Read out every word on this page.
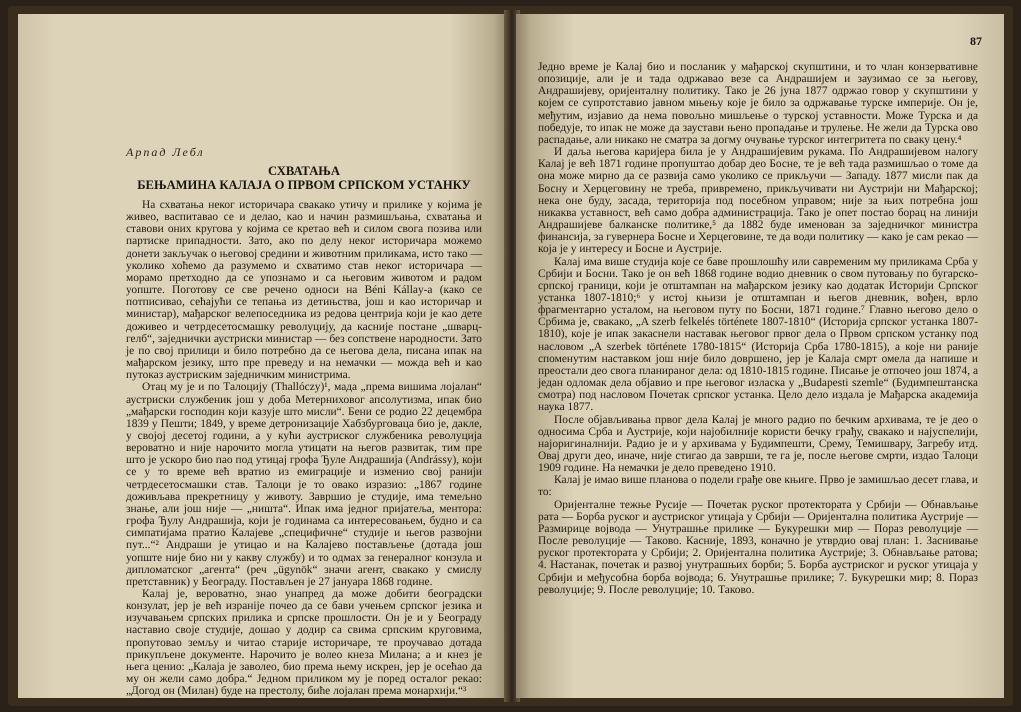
Арпад Лебл
СХВАТАЊА
БЕЊАМИНА КАЛАЈА О ПРВОМ СРПСКОМ УСТАНКУ

На схватања неког историчара свакако утичу и прилике у којима је живео, васпитавао се и делао, као и начин размишљања, схватања и ставови оних кругова у којима се кретао већ и силом свога позива или партиске припадности. Зато, ако по делу неког историчара можемо донети закључак о његовој средини и животним приликама, исто тако — уколико хоћемо да разумемо и схватимо став неког историчара — морамо претходно да се упознамо и са његовим животом и радом уопште. Поготову се све речено односи на Béni Kállay-a (како се потписивао, сећајући се тепања из детињства, још и као историчар и министар), мађарског велепоседника из редова центрија који је као дете доживео и четрдесетосмашку револуцију, да касније постане „шварц-гелб“, заједнички аустриски министар — без сопствене народности. Зато је по свој прилици и било потребно да се његова дела, писана ипак на мађарском језику, што пре преведу и на немачки — можда већ и као путоказ аустриским заједничким министрима.

Отац му је и по Талоцију (Thallóczy)¹, мада „према вишима лојалан“ аустриски службеник још у доба Метерниховог апсолутизма, ипак био „мађарски господин који казује што мисли“. Бени се родио 22 децембра 1839 у Пешти; 1849, у време детронизације Хабзбурговаца био је, дакле, у својој десетој години, а у кући аустриског службеника револуција вероватно и није нарочито могла утицати на његов развитак, тим пре што је ускоро био пао под утицај грофа Ђуле Андрашија (Andrássy), који се у то време већ вратио из емиграције и изменио свој ранији четрдесетосмашки став. Талоци је то овако изразио: „1867 године доживљава прекретницу у животу. Завршио је студије, има темељно знање, али још није — „ништа“. Ипак има једног пријатеља, ментора: грофа Ђулу Андрашија, који је годинама са интересовањем, будно и са симпатијама пратио Калајеве „специфичне“ студије и његов развојни пут...“² Андраши је утицао и на Калајево постављење (дотада још уопште није био ни у какву службу) и то одмах за генералног конзула и дипломатског „агента“ (реч „ügynök“ значи агент, свакако у смислу претставник) у Београду. Постављен је 27 јануара 1868 године.

Калај је, вероватно, знао унапред да може добити београдски конзулат, јер је већ изранije почео да се бави учењем српског језика и изучавањем српских прилика и српске прошлости. Он је и у Београду наставио своје студије, дошао у додир са свима српским круговима, пропутовао земљу и читао старије историчаре, те проучавао дотада прикупљене документе. Нарочито је волео кнеза Милана; а и кнез је њега ценио: „Калаја је заволео, био према њему искрен, јер је осећао да му он жели само добра.“ Једном приликом му је поред осталог рекао: „Догод он (Милан) буде на престолу, биће лојалан према монархији.“³

87

Једно време је Калај био и посланик у мађарској скупштини, и то члан конзервативне опозиције, али је и тада одржавао везе са Андрашијем и заузимао се за његову, Андрашијеву, оријенталну политику. Тако је 26 јуна 1877 одржао говор у скупштини у којем се супротставио јавном мњењу које је било за одржавање турске империје. Он је, међутим, изјавио да нема повољно мишљење о турској уставности. Може Турска и да победује, то ипак не може да заустави њено пропадање и трулење. Не жели да Турска ово распадање, али никако не сматра за догму очување турског интегритета по сваку цену.⁴

И даља његова каријера била је у Андрашијевим рукама. По Андрашијевом налогу Калај је већ 1871 године пропуштао добар део Босне, те је већ тада размишљао о томе да она може мирно да се развија само уколико се прикључи — Западу. 1877 мисли пак да Босну и Херцеговину не треба, привремено, прикључивати ни Аустрији ни Мађарској; нека оне буду, засада, територија под посебном управом; није за њих потребна још никаква уставност, већ само добра администрација. Тако је опет постао борац на линији Андрашијеве балканске политике,⁵ да 1882 буде именован за заједничког министра финансија, за гувернера Босне и Херцеговине, те да води политику — како је сам рекао — која је у интересу и Босне и Аустрије.

Калај има више студија које се баве прошлошћу или савременим му приликама Срба у Србији и Босни. Тако је он већ 1868 године водио дневник о свом путовању по бугарско-српској граници, који је отштампан на мађарском језику као додатак Историји Српског устанка 1807-1810;⁶ у истој књизи је отштампан и његов дневник, вођен, врло фрагментарно усталом, на његовом путу по Босни, 1871 године.⁷ Главно његово дело о Србима је, свакако, „A szerb felkelés története 1807-1810“ (Историја српског устанка 1807-1810), које је ипак закаснели наставак његовог првог дела о Првом српском устанку под насловом „A szerbek története 1780-1815“ (Историја Срба 1780-1815), а које ни раније споменутим наставком још није било довршено, јер је Калаја смрт омела да напише и преостали део свога планираног дела: од 1810-1815 године. Писање је отпочео још 1874, а један одломак дела објавио и пре његовог изласка у „Budapesti szemle“ (Будимпештанска смотра) под насловом Почетак српског устанка. Цело дело издала је Мађарска академија наука 1877.

После објављивања првог дела Калај је много радио по бечким архивама, те је део о односима Срба и Аустрије, који најобилније користи бечку грађу, свакако и најуспелији, најоригиналнији. Радио је и у архивама у Будимпешти, Срему, Темишвару, Загребу итд. Овај други део, иначе, није стигао да заврши, те га је, после његове смрти, издао Талоци 1909 године. На немачки је дело преведено 1910.

Калај је имао више планова о подели грађе ове књиге. Прво је замишљао десет глава, и то:

Оријенталне тежње Русије — Почетак руског протектората у Србији — Обнављање рата — Борба руског и аустриског утицаја у Србији — Оријентална политика Аустрије — Размирице војвода — Унутрашње прилике — Букурешки мир — Пораз револуције — После револуције — Таково. Касније, 1893, коначно је утврдио овај план: 1. Заснивање руског протектората у Србији; 2. Оријентална политика Аустрије; 3. Обнављање ратова; 4. Настанак, почетак и развој унутрашњих борби; 5. Борба аустриског и руског утицаја у Србији и међусобна борба војвода; 6. Унутрашње прилике; 7. Букурешки мир; 8. Пораз револуције; 9. После револуције; 10. Таково.
